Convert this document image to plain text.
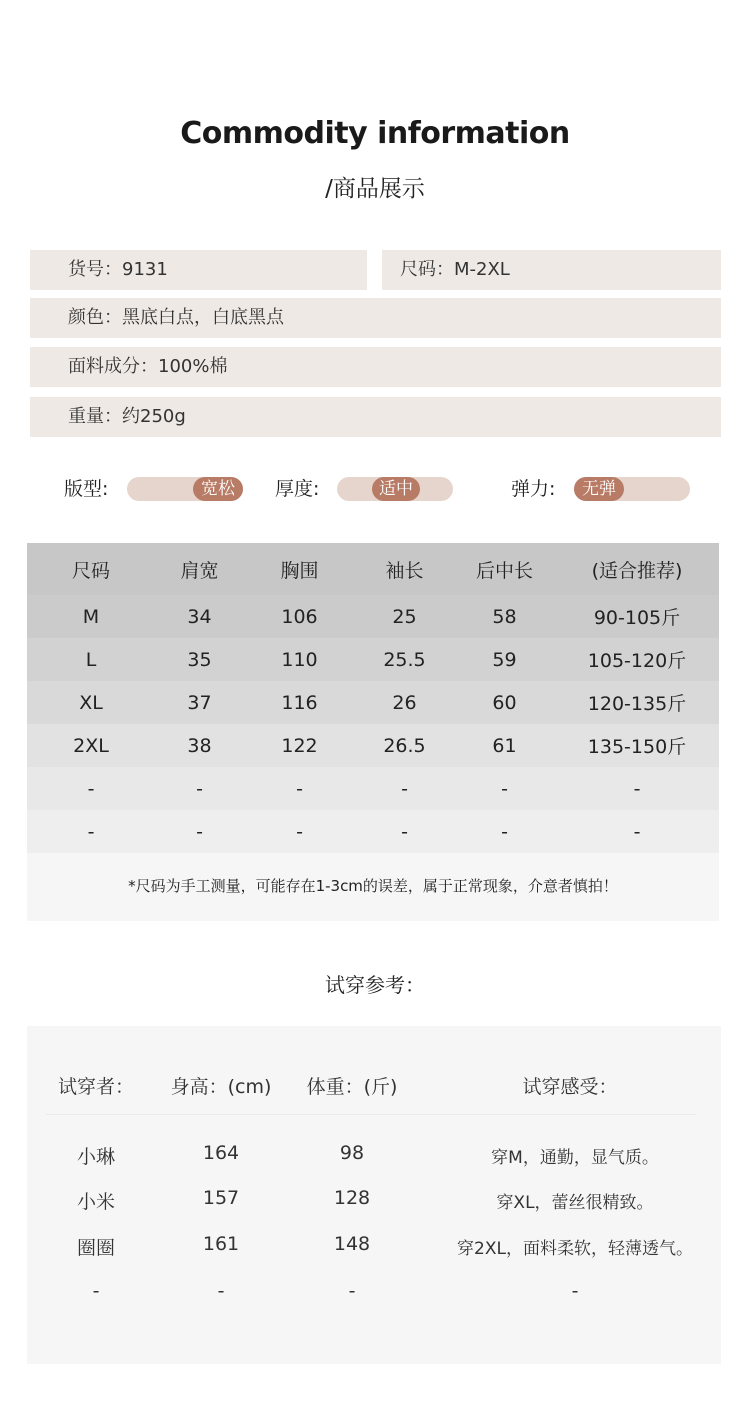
Commodity information
/商品展示
货号：9131	尺码：M-2XL
颜色：黑底白点，白底黑点
面料成分：100%棉
重量：约250g
版型:	宽松	厚度:	适中	弹力:	无弹
尺码	肩宽	胸围	袖长	后中长	(适合推荐)
M	34	106	25	58	90-105斤
L	35	110	25.5	59	105-120斤
XL	37	116	26	60	120-135斤
2XL	38	122	26.5	61	135-150斤
-	-	-	-	-	-
-	-	-	-	-	-
*尺码为手工测量，可能存在1-3cm的误差，属于正常现象，介意者慎拍！
试穿参考：
试穿者：	身高：(cm)	体重：(斤)	试穿感受：
小琳	164	98	穿M，通勤，显气质。
小米	157	128	穿XL，蕾丝很精致。
圈圈	161	148	穿2XL，面料柔软，轻薄透气。
-	-	-	-
